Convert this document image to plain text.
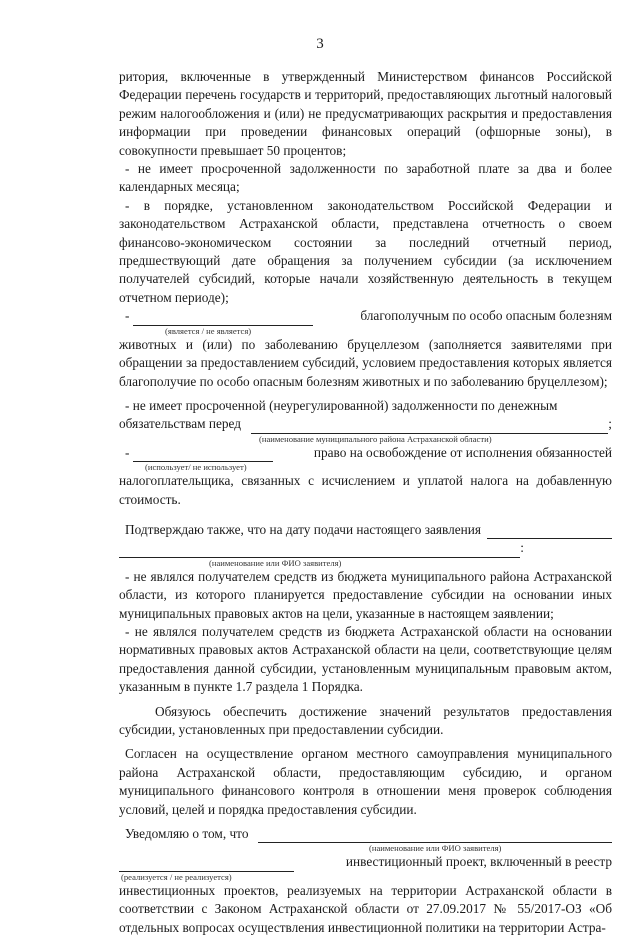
3

ритория, включенные в утвержденный Министерством финансов Российской Федерации перечень государств и территорий, предоставляющих льготный налоговый режим налогообложения и (или) не предусматривающих раскрытия и предоставления информации при проведении финансовых операций (офшорные зоны), в совокупности превышает 50 процентов;

- не имеет просроченной задолженности по заработной плате за два и более календарных месяца;

- в порядке, установленном законодательством Российской Федерации и законодательством Астраханской области, представлена отчетность о своем финансово-экономическом состоянии за последний отчетный период, предшествующий дате обращения за получением субсидии (за исключением получателей субсидий, которые начали хозяйственную деятельность в текущем отчетном периоде);

-	благополучным по особо опасным болезням
(является / не является)

животных и (или) по заболеванию бруцеллезом (заполняется заявителями при обращении за предоставлением субсидий, условием предоставления которых является благополучие по особо опасным болезням животных и по заболеванию бруцеллезом);

- не имеет просроченной (неурегулированной) задолженности по денежным

обязательствам перед	;
(наименование муниципального района Астраханской области)
-	право на освобождение от исполнения обязанностей
(использует/ не использует)

налогоплательщика, связанных с исчислением и уплатой налога на добавленную стоимость.

Подтверждаю также, что на дату подачи настоящего заявления
:
(наименование или ФИО заявителя)

- не являлся получателем средств из бюджета муниципального района Астраханской области, из которого планируется предоставление субсидии на основании иных муниципальных правовых актов на цели, указанные в настоящем заявлении;

- не являлся получателем средств из бюджета Астраханской области на основании нормативных правовых актов Астраханской области на цели, соответствующие целям предоставления данной субсидии, установленным муниципальным правовым актом, указанным в пункте 1.7 раздела 1 Порядка.

Обязуюсь обеспечить достижение значений результатов предоставления субсидии, установленных при предоставлении субсидии.

Согласен на осуществление органом местного самоуправления муниципального района Астраханской области, предоставляющим субсидию, и органом муниципального финансового контроля в отношении меня проверок соблюдения условий, целей и порядка предоставления субсидии.

Уведомляю о том, что
(наименование или ФИО заявителя)
инвестиционный проект, включенный в реестр
(реализуется / не реализуется)

инвестиционных проектов, реализуемых на территории Астраханской области в соответствии с Законом Астраханской области от 27.09.2017 № 55/2017-ОЗ «Об отдельных вопросах осуществления инвестиционной политики на территории Астра-
